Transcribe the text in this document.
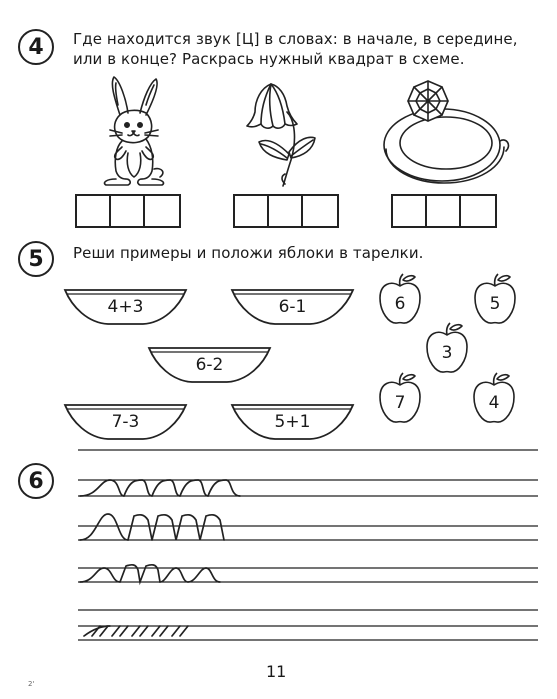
4 Где находится звук [Ц] в словах: в начале, в середине,
или в конце? Раскрась нужный квадрат в схеме.
5 Реши примеры и положи яблоки в тарелки.
4+3	6-1
6-2
7-3	5+1
6	5
3
7	4
6
11
2'
